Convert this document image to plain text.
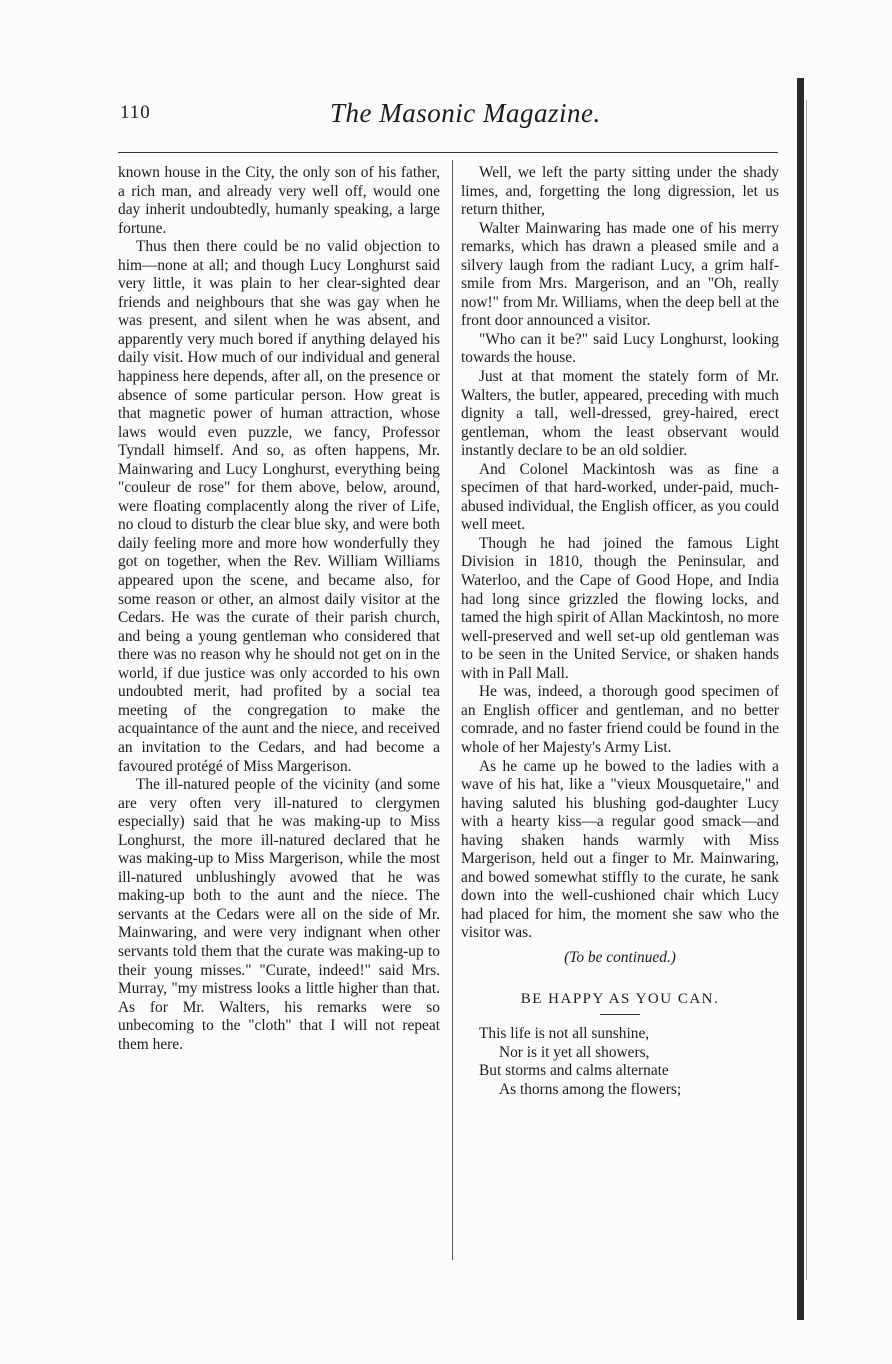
110	The Masonic Magazine.

known house in the City, the only son of his father, a rich man, and already very well off, would one day inherit undoubtedly, humanly speaking, a large fortune.

Thus then there could be no valid objection to him—none at all; and though Lucy Longhurst said very little, it was plain to her clear-sighted dear friends and neighbours that she was gay when he was present, and silent when he was absent, and apparently very much bored if anything delayed his daily visit. How much of our individual and general happiness here depends, after all, on the presence or absence of some particular person. How great is that magnetic power of human attraction, whose laws would even puzzle, we fancy, Professor Tyndall himself. And so, as often happens, Mr. Mainwaring and Lucy Longhurst, everything being "couleur de rose" for them above, below, around, were floating complacently along the river of Life, no cloud to disturb the clear blue sky, and were both daily feeling more and more how wonderfully they got on together, when the Rev. William Williams appeared upon the scene, and became also, for some reason or other, an almost daily visitor at the Cedars. He was the curate of their parish church, and being a young gentleman who considered that there was no reason why he should not get on in the world, if due justice was only accorded to his own undoubted merit, had profited by a social tea meeting of the congregation to make the acquaintance of the aunt and the niece, and received an invitation to the Cedars, and had become a favoured protégé of Miss Margerison.

The ill-natured people of the vicinity (and some are very often very ill-natured to clergymen especially) said that he was making-up to Miss Longhurst, the more ill-natured declared that he was making-up to Miss Margerison, while the most ill-natured unblushingly avowed that he was making-up both to the aunt and the niece. The servants at the Cedars were all on the side of Mr. Mainwaring, and were very indignant when other servants told them that the curate was making-up to their young misses." "Curate, indeed!" said Mrs. Murray, "my mistress looks a little higher than that. As for Mr. Walters, his remarks were so unbecoming to the "cloth" that I will not repeat them here.

Well, we left the party sitting under the shady limes, and, forgetting the long digression, let us return thither,

Walter Mainwaring has made one of his merry remarks, which has drawn a pleased smile and a silvery laugh from the radiant Lucy, a grim half-smile from Mrs. Margerison, and an "Oh, really now!" from Mr. Williams, when the deep bell at the front door announced a visitor.

"Who can it be?" said Lucy Longhurst, looking towards the house.

Just at that moment the stately form of Mr. Walters, the butler, appeared, preceding with much dignity a tall, well-dressed, grey-haired, erect gentleman, whom the least observant would instantly declare to be an old soldier.

And Colonel Mackintosh was as fine a specimen of that hard-worked, under-paid, much-abused individual, the English officer, as you could well meet.

Though he had joined the famous Light Division in 1810, though the Peninsular, and Waterloo, and the Cape of Good Hope, and India had long since grizzled the flowing locks, and tamed the high spirit of Allan Mackintosh, no more well-preserved and well set-up old gentleman was to be seen in the United Service, or shaken hands with in Pall Mall.

He was, indeed, a thorough good specimen of an English officer and gentleman, and no better comrade, and no faster friend could be found in the whole of her Majesty's Army List.

As he came up he bowed to the ladies with a wave of his hat, like a "vieux Mousquetaire," and having saluted his blushing god-daughter Lucy with a hearty kiss—a regular good smack—and having shaken hands warmly with Miss Margerison, held out a finger to Mr. Mainwaring, and bowed somewhat stiffly to the curate, he sank down into the well-cushioned chair which Lucy had placed for him, the moment she saw who the visitor was.

(To be continued.)
BE HAPPY AS YOU CAN.
This life is not all sunshine,
Nor is it yet all showers,
But storms and calms alternate
As thorns among the flowers;
